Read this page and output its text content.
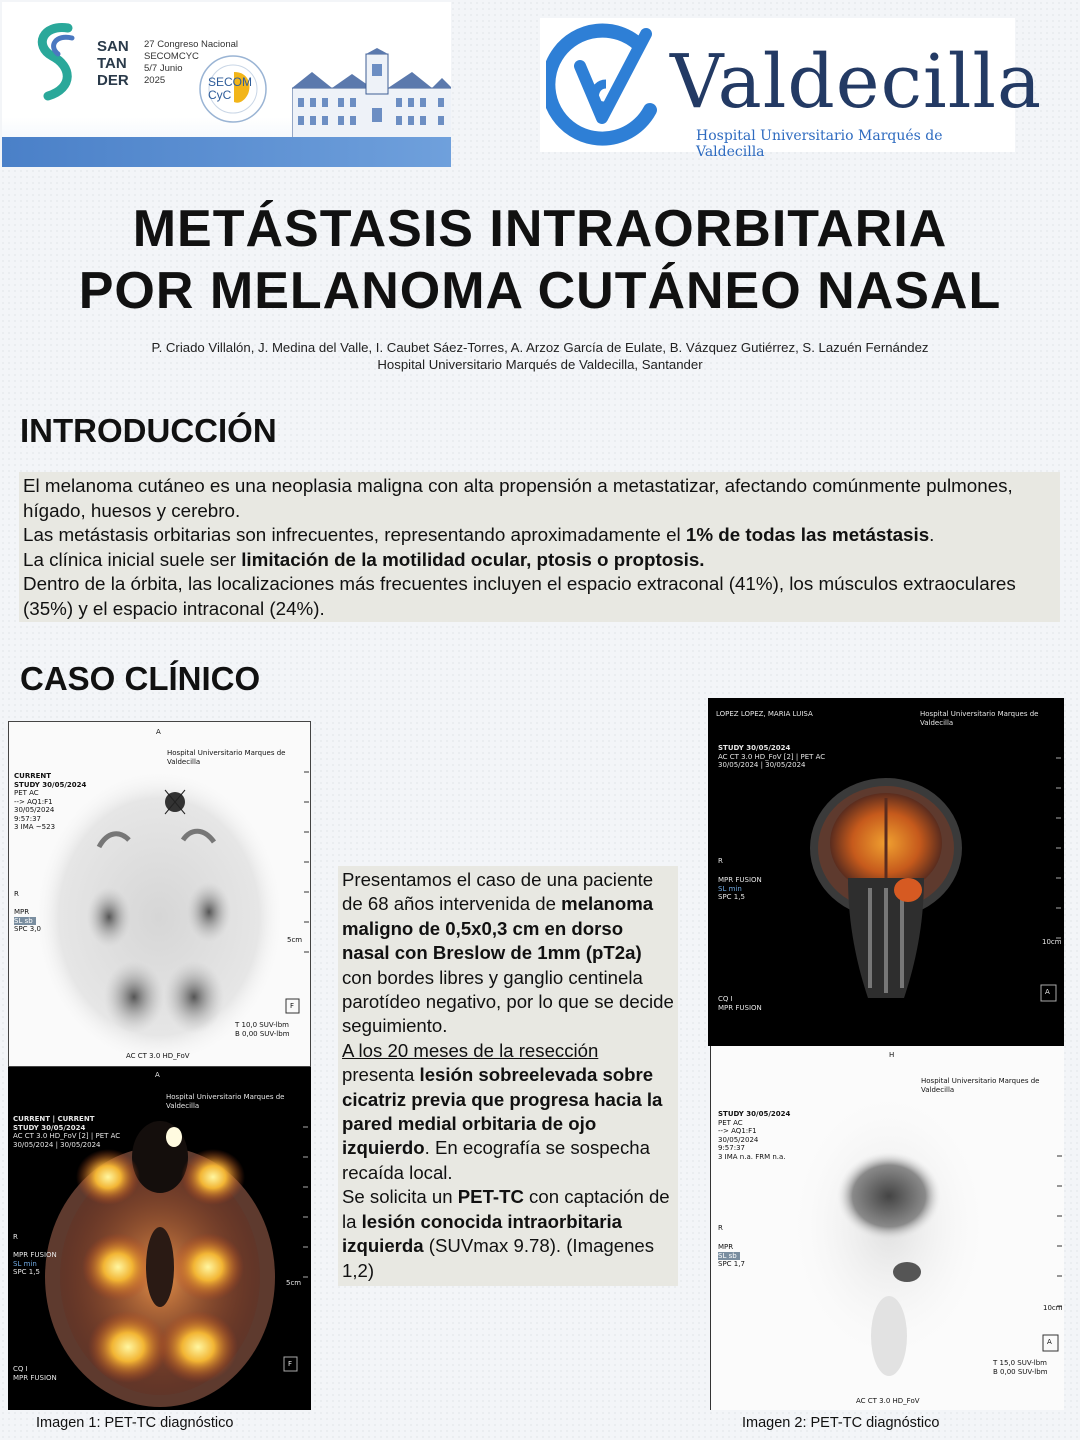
SAN
TAN
DER
27 Congreso Nacional
SECOMCYC
5/7 Junio
2025	SECOM
CyC	Valdecilla
Hospital Universitario Marqués de Valdecilla
METÁSTASIS INTRAORBITARIA
POR MELANOMA CUTÁNEO NASAL
P. Criado Villalón, J. Medina del Valle, I. Caubet Sáez-Torres, A. Arzoz García de Eulate, B. Vázquez Gutiérrez, S. Lazuén Fernández
Hospital Universitario Marqués de Valdecilla, Santander
INTRODUCCIÓN

El melanoma cutáneo es una neoplasia maligna con alta propensión a metastatizar, afectando comúnmente pulmones, hígado, huesos y cerebro.

Las metástasis orbitarias son infrecuentes, representando aproximadamente el 1% de todas las metástasis.

La clínica inicial suele ser limitación de la motilidad ocular, ptosis o proptosis.

Dentro de la órbita, las localizaciones más frecuentes incluyen el espacio extraconal (41%), los músculos extraoculares (35%) y el espacio intraconal (24%).

CASO CLÍNICO
A
Hospital Universitario Marques de Valdecilla
CURRENT
STUDY 30/05/2024
PET AC
--> AQ1:F1
30/05/2024
9:57:37
3 IMA ~523
R
MPR
SL sb
SPC 3,0
5cm
F
T 10,0 SUV-lbm
B 0,00 SUV-lbm
AC CT 3.0 HD_FoV
A
Hospital Universitario Marques de Valdecilla
CURRENT | CURRENT
STUDY 30/05/2024
AC CT 3.0 HD_FoV [2] | PET AC
30/05/2024 | 30/05/2024
R
MPR FUSION
SL min
SPC 1,5
5cm
F
CQ I
MPR FUSION

Presentamos el caso de una paciente de 68 años intervenida de melanoma maligno de 0,5x0,3 cm en dorso nasal con Breslow de 1mm (pT2a) con bordes libres y ganglio centinela parotídeo negativo, por lo que se decide seguimiento.

A los 20 meses de la resección presenta lesión sobreelevada sobre cicatriz previa que progresa hacia la pared medial orbitaria de ojo izquierdo. En ecografía se sospecha recaída local.

Se solicita un PET-TC con captación de la lesión conocida intraorbitaria izquierda (SUVmax 9.78). (Imagenes 1,2)

LOPEZ LOPEZ, MARIA LUISA	Hospital Universitario Marques de Valdecilla
STUDY 30/05/2024
AC CT 3.0 HD_FoV [2] | PET AC
30/05/2024 | 30/05/2024
R
MPR FUSION
SL min
SPC 1,5
10cm
A
CQ I
MPR FUSION
H
Hospital Universitario Marques de Valdecilla
STUDY 30/05/2024
PET AC
--> AQ1:F1
30/05/2024
9:57:37
3 IMA n.a. FRM n.a.
R
MPR
SL sb
SPC 1,7
10cm
A
T 15,0 SUV-lbm
B 0,00 SUV-lbm
AC CT 3.0 HD_FoV
Imagen 1: PET-TC diagnóstico	Imagen 2: PET-TC diagnóstico
